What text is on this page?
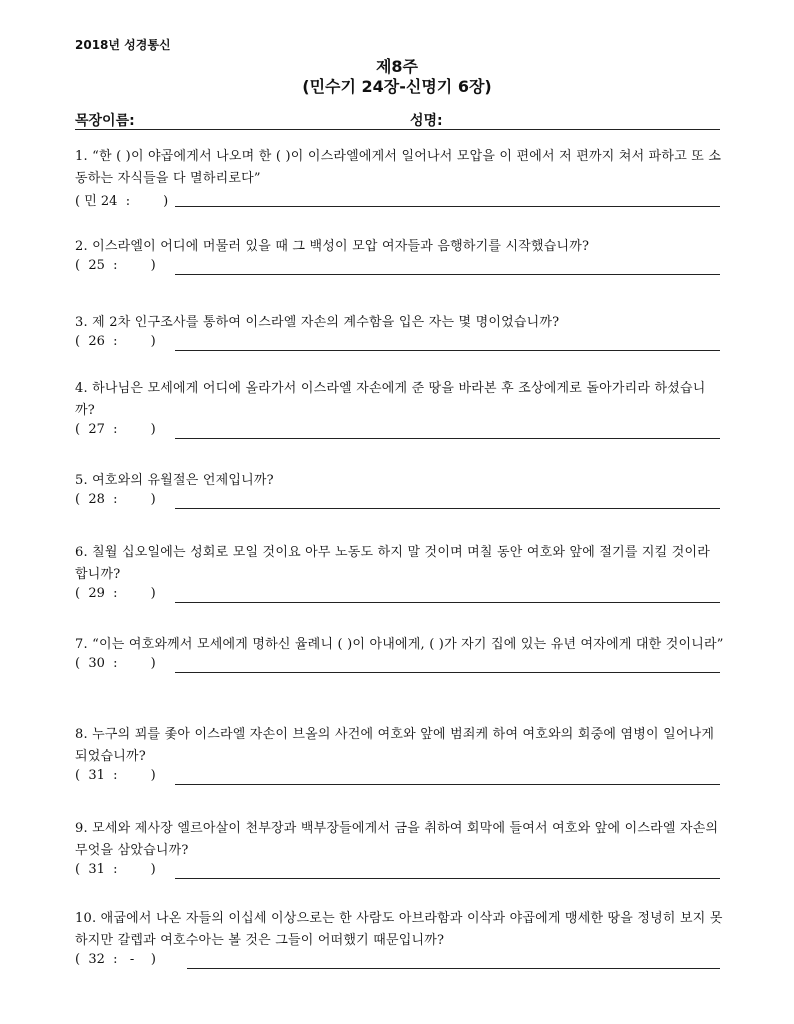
2018년 성경통신
제8주
(민수기 24장-신명기 6장)
목장이름:	성명:
1. “한 ( )이 야곱에게서 나오며 한 ( )이 이스라엘에게서 일어나서 모압을 이 편에서 저 편까지 쳐서 파하고 또 소동하는 자식들을 다 멸하리로다”
( 민 24  :        )
2. 이스라엘이 어디에 머물러 있을 때 그 백성이 모압 여자들과 음행하기를 시작했습니까?
(  25  :        )
3. 제 2차 인구조사를 통하여 이스라엘 자손의 계수함을 입은 자는 몇 명이었습니까?
(  26  :        )
4. 하나님은 모세에게 어디에 올라가서 이스라엘 자손에게 준 땅을 바라본 후 조상에게로 돌아가리라 하셨습니까?
(  27  :        )
5. 여호와의 유월절은 언제입니까?
(  28  :        )
6. 칠월 십오일에는 성회로 모일 것이요 아무 노동도 하지 말 것이며 며칠 동안 여호와 앞에 절기를 지킬 것이라 합니까?
(  29  :        )
7. “이는 여호와께서 모세에게 명하신 율례니 ( )이 아내에게, ( )가 자기 집에 있는 유년 여자에게 대한 것이니라”
(  30  :        )
8. 누구의 꾀를 좇아 이스라엘 자손이 브올의 사건에 여호와 앞에 범죄케 하여 여호와의 회중에 염병이 일어나게 되었습니까?
(  31  :        )
9. 모세와 제사장 엘르아살이 천부장과 백부장들에게서 금을 취하여 회막에 들여서 여호와 앞에 이스라엘 자손의 무엇을 삼았습니까?
(  31  :        )
10. 애굽에서 나온 자들의 이십세 이상으로는 한 사람도 아브라함과 이삭과 야곱에게 맹세한 땅을 정녕히 보지 못하지만 갈렙과 여호수아는 볼 것은 그들이 어떠했기 때문입니까?
(  32  :   -    )
